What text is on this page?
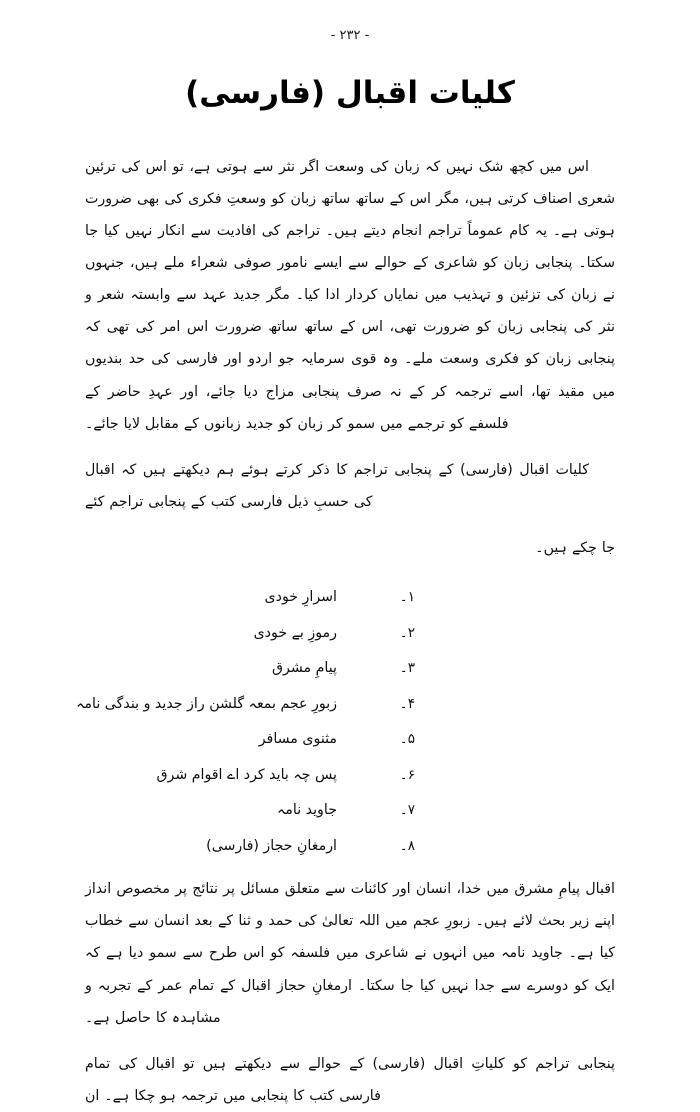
- ۲۳۲ -
کلیات اقبال (فارسی)

اس میں کچھ شک نہیں کہ زبان کی وسعت اگر نثر سے ہوتی ہے، تو اس کی ترئین شعری اصناف کرتی ہیں، مگر اس کے ساتھ ساتھ زبان کو وسعتِ فکری کی بھی ضرورت ہوتی ہے۔ یہ کام عموماً تراجم انجام دیتے ہیں۔ تراجم کی افادیت سے انکار نہیں کیا جا سکتا۔ پنجابی زبان کو شاعری کے حوالے سے ایسے نامور صوفی شعراء ملے ہیں، جنہوں نے زبان کی تزئین و تہذیب میں نمایاں کردار ادا کیا۔ مگر جدید عہد سے وابستہ شعر و نثر کی پنجابی زبان کو ضرورت تھی، اس کے ساتھ ساتھ ضرورت اس امر کی تھی کہ پنجابی زبان کو فکری وسعت ملے۔ وہ قوی سرمایہ جو اردو اور فارسی کی حد بندیوں میں مقید تھا، اسے ترجمہ کر کے نہ صرف پنجابی مزاج دیا جائے، اور عہدِ حاضر کے فلسفے کو ترجمے میں سمو کر زبان کو جدید زبانوں کے مقابل لایا جائے۔

کلیات اقبال (فارسی) کے پنجابی تراجم کا ذکر کرتے ہوئے ہم دیکھتے ہیں کہ اقبال کی حسبِ ذیل فارسی کتب کے پنجابی تراجم کئے

جا چکے ہیں۔

۱۔
اسرارِ خودی
۲۔
رموزِ بے خودی
۳۔
پیامِ مشرق
۴۔
زبورِ عجم بمعہ گلشن راز جدید و بندگی نامہ
۵۔
مثنوی مسافر
۶۔
پس چہ باید کرد اے اقوام شرق
۷۔
جاوید نامہ
۸۔
ارمغانِ حجاز (فارسی)

اقبال پیامِ مشرق میں خدا، انسان اور کائنات سے متعلق مسائل پر نتائج پر مخصوص انداز اپنے زیر بحث لائے ہیں۔ زبورِ عجم میں اللہ تعالیٰ کی حمد و ثنا کے بعد انسان سے خطاب کیا ہے۔ جاوید نامہ میں انہوں نے شاعری میں فلسفہ کو اس طرح سے سمو دیا ہے کہ ایک کو دوسرے سے جدا نہیں کیا جا سکتا۔ ارمغانِ حجاز اقبال کے تمام عمر کے تجربہ و مشاہدہ کا حاصل ہے۔

پنجابی تراجم کو کلیاتِ اقبال (فارسی) کے حوالے سے دیکھتے ہیں تو اقبال کی تمام فارسی کتب کا پنجابی میں ترجمہ ہو چکا ہے۔ ان
